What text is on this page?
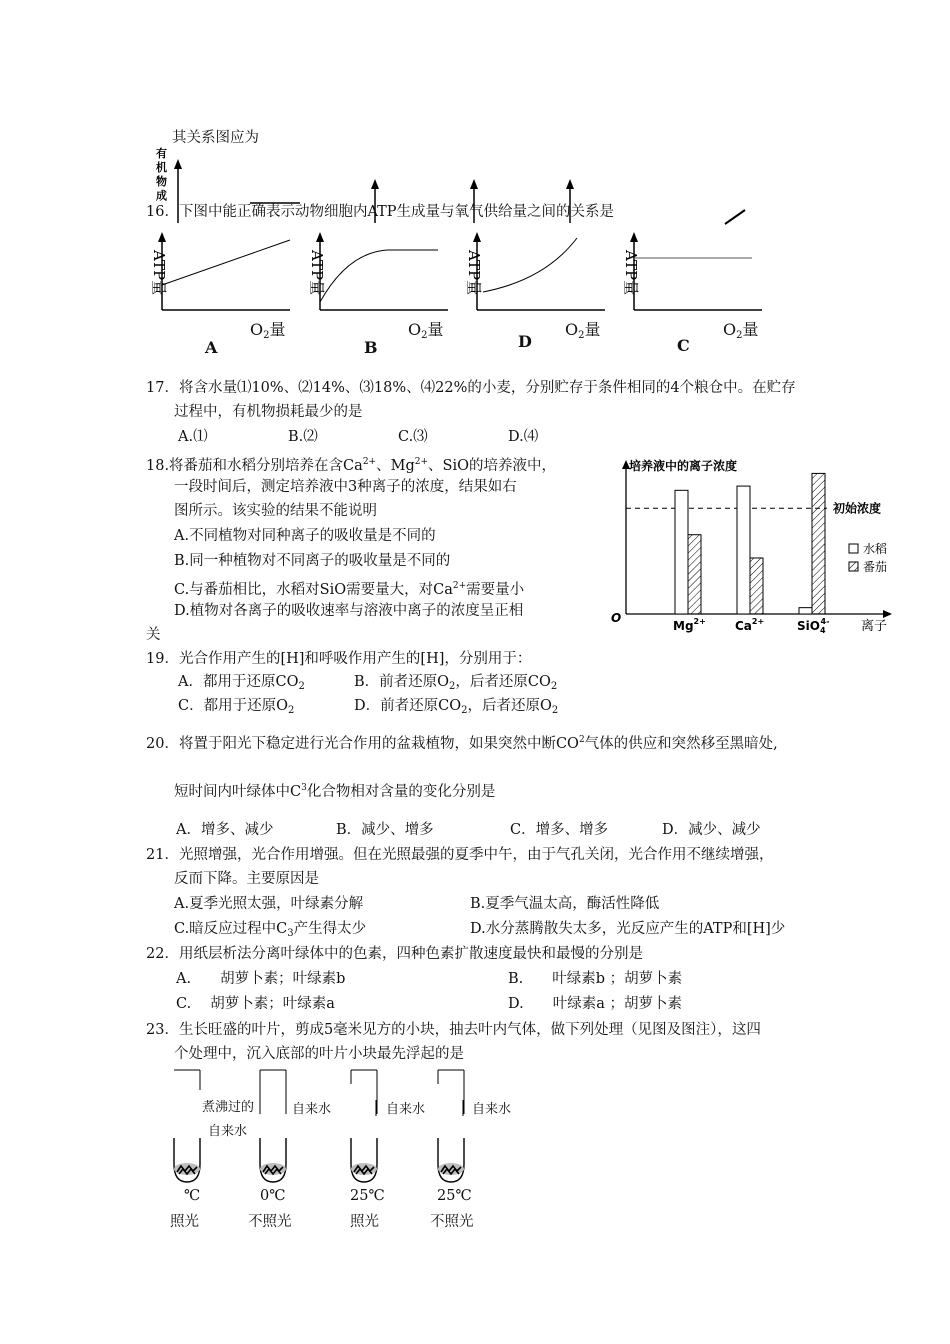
其关系图应为
有
机
物
成
16．下图中能正确表示动物细胞内ATP生成量与氧气供给量之间的关系是
ATP量	ATP量	ATP量	ATP量
$O_2$量	$O_2$量	$O_2$量	$O_2$量
A	B	D	C
17．将含水量⑴10%、⑵14%、⑶18%、⑷22%的小麦，分别贮存于条件相同的4个粮仓中。在贮存
过程中，有机物损耗最少的是
A.⑴	B.⑵	C.⑶	D.⑷
18.将番茄和水稻分别培养在含$Ca^{2+}$、$Mg^{2+}$、SiO的培养液中，
一段时间后，测定培养液中3种离子的浓度，结果如右
图所示。该实验的结果不能说明
A.不同植物对同种离子的吸收量是不同的
B.同一种植物对不同离子的吸收量是不同的
C.与番茄相比，水稻对SiO需要量大，对$Ca^{2+}$需要量小
D.植物对各离子的吸收速率与溶液中离子的浓度呈正相
关
培养液中的离子浓度
O
离子
初始浓度
$Mg^{2+}$ $Ca^{2+}$	SiO$_4$4-
水稻
番茄
19．光合作用产生的[H]和呼吸作用产生的[H]，分别用于：
A．都用于还原$CO_2$	B．前者还原$O_2$，后者还原$CO_2$
C．都用于还原$O_2$	D．前者还原$CO_2$，后者还原$O_2$
20．将置于阳光下稳定进行光合作用的盆栽植物，如果突然中断$CO^2$气体的供应和突然移至黑暗处,
短时间内叶绿体中$C^3$化合物相对含量的变化分别是
A．增多、减少	B．减少、增多	C．增多、增多	D．减少、减少
21．光照增强，光合作用增强。但在光照最强的夏季中午，由于气孔关闭，光合作用不继续增强，
反而下降。主要原因是
A.夏季光照太强，叶绿素分解	B.夏季气温太高，酶活性降低
C.暗反应过程中$C_3$产生得太少	D.水分蒸腾散失太多，光反应产生的ATP和[H]少
22．用纸层析法分离叶绿体中的色素，四种色素扩散速度最快和最慢的分别是
A.　　胡萝卜素；叶绿素b	B.　　叶绿素b ；胡萝卜素
C.　 胡萝卜素；叶绿素a	D.　　叶绿素a ；胡萝卜素
23．生长旺盛的叶片，剪成5毫米见方的小块，抽去叶内气体，做下列处理（见图及图注），这四
个处理中，沉入底部的叶片小块最先浮起的是
煮沸过的
自来水
自来水	自来水	自来水
℃	0℃	25℃	25℃
照光	不照光	照光	不照光
